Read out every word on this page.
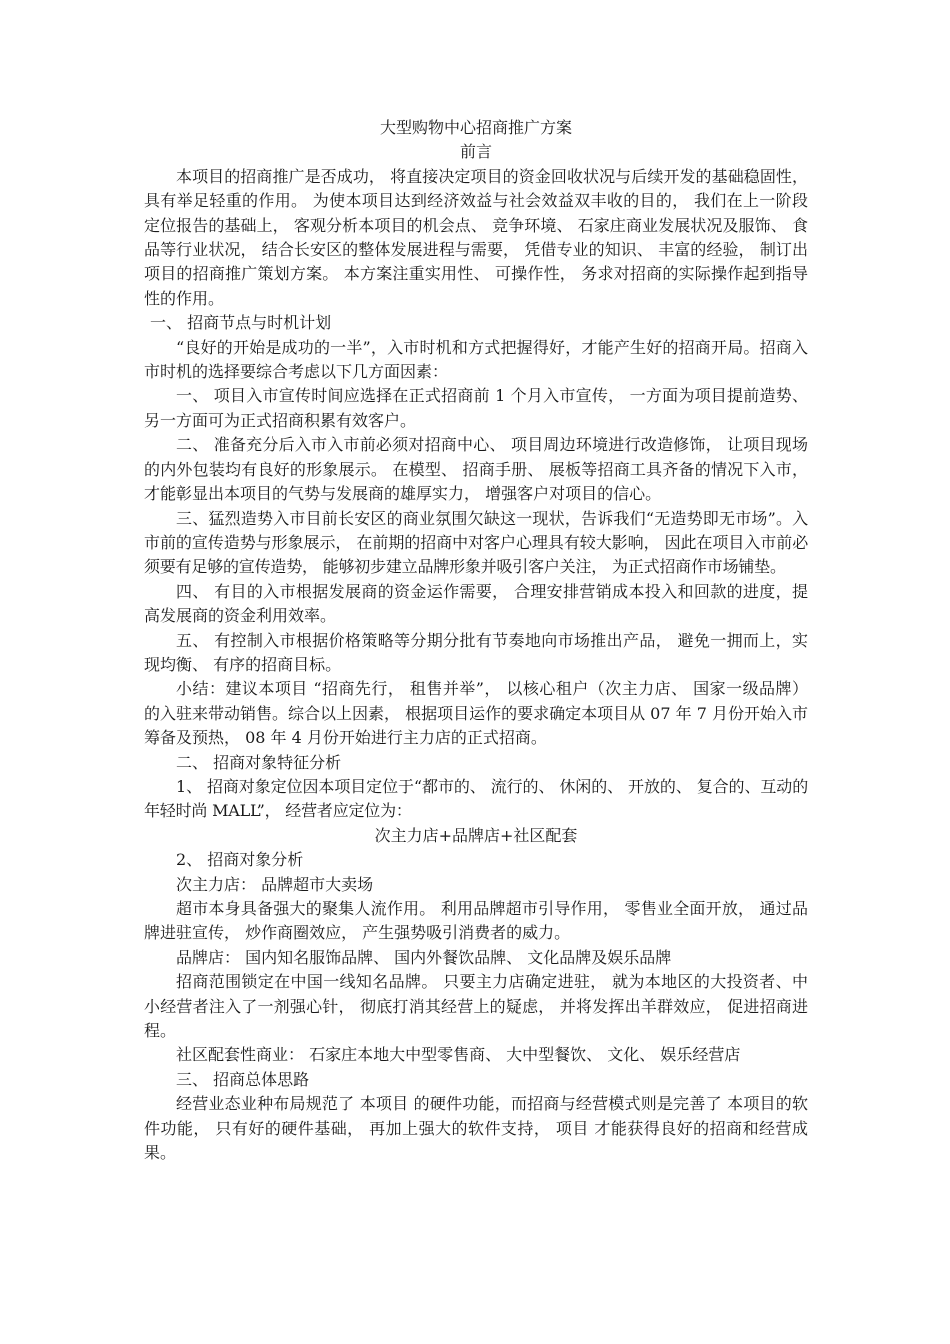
大型购物中心招商推广方案

前言

本项目的招商推广是否成功， 将直接决定项目的资金回收状况与后续开发的基础稳固性， 具有举足轻重的作用。 为使本项目达到经济效益与社会效益双丰收的目的， 我们在上一阶段定位报告的基础上， 客观分析本项目的机会点、 竞争环境、 石家庄商业发展状况及服饰、 食品等行业状况， 结合长安区的整体发展进程与需要， 凭借专业的知识、 丰富的经验， 制订出项目的招商推广策划方案。 本方案注重实用性、 可操作性， 务求对招商的实际操作起到指导性的作用。

一、 招商节点与时机计划

“良好的开始是成功的一半”，入市时机和方式把握得好，才能产生好的招商开局。招商入市时机的选择要综合考虑以下几方面因素：

一、 项目入市宣传时间应选择在正式招商前 1 个月入市宣传， 一方面为项目提前造势、 另一方面可为正式招商积累有效客户。

二、 准备充分后入市入市前必须对招商中心、 项目周边环境进行改造修饰， 让项目现场的内外包装均有良好的形象展示。 在模型、 招商手册、 展板等招商工具齐备的情况下入市， 才能彰显出本项目的气势与发展商的雄厚实力， 增强客户对项目的信心。

三、猛烈造势入市目前长安区的商业氛围欠缺这一现状，告诉我们“无造势即无市场”。入市前的宣传造势与形象展示， 在前期的招商中对客户心理具有较大影响， 因此在项目入市前必须要有足够的宣传造势， 能够初步建立品牌形象并吸引客户关注， 为正式招商作市场铺垫。

四、 有目的入市根据发展商的资金运作需要， 合理安排营销成本投入和回款的进度，提高发展商的资金利用效率。

五、 有控制入市根据价格策略等分期分批有节奏地向市场推出产品， 避免一拥而上，实现均衡、 有序的招商目标。

小结：建议本项目 “招商先行， 租售并举”， 以核心租户（次主力店、 国家一级品牌） 的入驻来带动销售。综合以上因素， 根据项目运作的要求确定本项目从 07 年 7 月份开始入市筹备及预热， 08 年 4 月份开始进行主力店的正式招商。

二、 招商对象特征分析

1、 招商对象定位因本项目定位于“都市的、 流行的、 休闲的、 开放的、 复合的、互动的年轻时尚 MALL”， 经营者应定位为：

次主力店+品牌店+社区配套

2、 招商对象分析

次主力店： 品牌超市大卖场

超市本身具备强大的聚集人流作用。 利用品牌超市引导作用， 零售业全面开放， 通过品牌进驻宣传， 炒作商圈效应， 产生强势吸引消费者的威力。

品牌店： 国内知名服饰品牌、 国内外餐饮品牌、 文化品牌及娱乐品牌

招商范围锁定在中国一线知名品牌。 只要主力店确定进驻， 就为本地区的大投资者、中小经营者注入了一剂强心针， 彻底打消其经营上的疑虑， 并将发挥出羊群效应， 促进招商进程。

社区配套性商业： 石家庄本地大中型零售商、 大中型餐饮、 文化、 娱乐经营店

三、 招商总体思路

经营业态业种布局规范了 本项目 的硬件功能，而招商与经营模式则是完善了 本项目的软件功能， 只有好的硬件基础， 再加上强大的软件支持， 项目 才能获得良好的招商和经营成果。
